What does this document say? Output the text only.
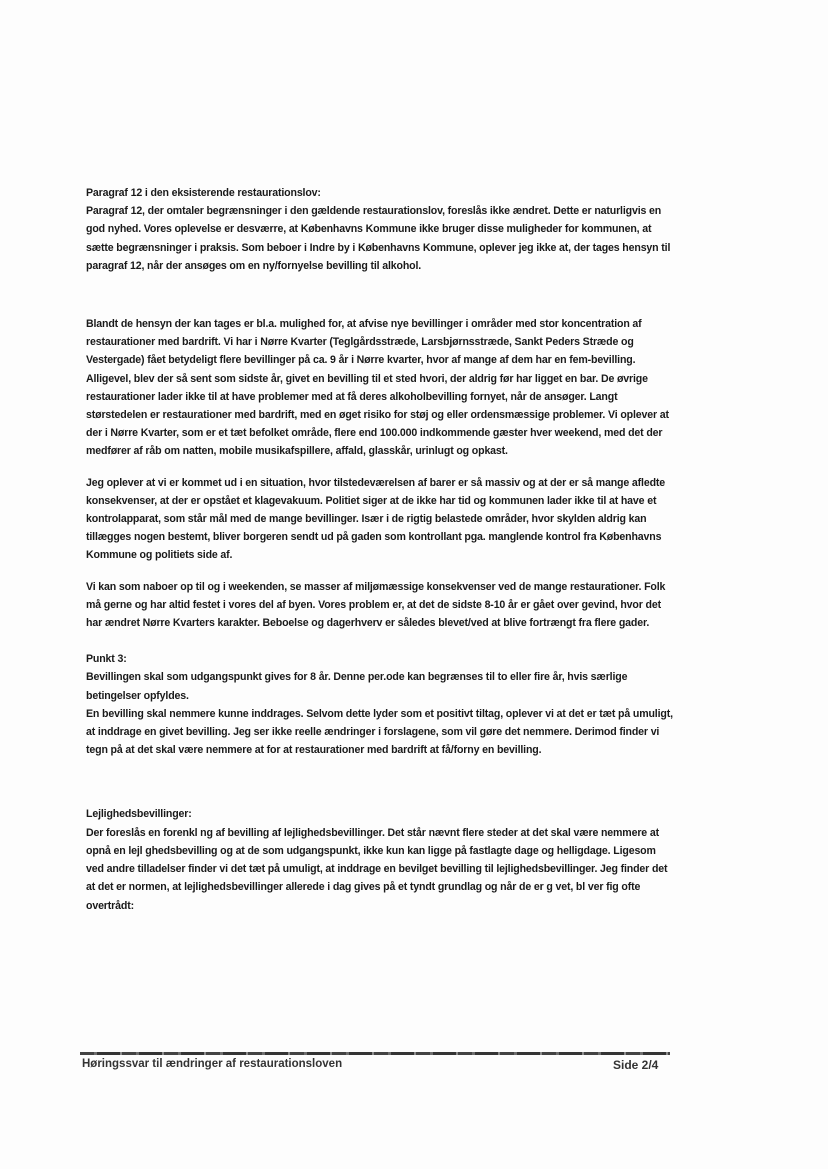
Paragraf 12 i den eksisterende restaurationslov:

Paragraf 12, der omtaler begrænsninger i den gældende restaurationslov, foreslås ikke ændret. Dette er naturligvis en god nyhed. Vores oplevelse er desværre, at Københavns Kommune ikke bruger disse muligheder for kommunen, at sætte begrænsninger i praksis. Som beboer i Indre by i Københavns Kommune, oplever jeg ikke at, der tages hensyn til paragraf 12, når der ansøges om en ny/fornyelse bevilling til alkohol.

Blandt de hensyn der kan tages er bl.a. mulighed for, at afvise nye bevillinger i områder med stor koncentration af restaurationer med bardrift. Vi har i Nørre Kvarter (Teglgårdsstræde, Larsbjørnsstræde, Sankt Peders Stræde og Vestergade) fået betydeligt flere bevillinger på ca. 9 år i Nørre kvarter, hvor af mange af dem har en fem-bevilling. Alligevel, blev der så sent som sidste år, givet en bevilling til et sted hvori, der aldrig før har ligget en bar. De øvrige restaurationer lader ikke til at have problemer med at få deres alkoholbevilling fornyet, når de ansøger. Langt størstedelen er restaurationer med bardrift, med en øget risiko for støj og eller ordensmæssige problemer. Vi oplever at der i Nørre Kvarter, som er et tæt befolket område, flere end 100.000 indkommende gæster hver weekend, med det der medfører af råb om natten, mobile musikafspillere, affald, glasskår, urinlugt og opkast.

Jeg oplever at vi er kommet ud i en situation, hvor tilstedeværelsen af barer er så massiv og at der er så mange afledte konsekvenser, at der er opstået et klagevakuum. Politiet siger at de ikke har tid og kommunen lader ikke til at have et kontrolapparat, som står mål med de mange bevillinger. Især i de rigtig belastede områder, hvor skylden aldrig kan tillægges nogen bestemt, bliver borgeren sendt ud på gaden som kontrollant pga. manglende kontrol fra Københavns Kommune og politiets side af.

Vi kan som naboer op til og i weekenden, se masser af miljømæssige konsekvenser ved de mange restaurationer. Folk må gerne og har altid festet i vores del af byen. Vores problem er, at det de sidste 8-10 år er gået over gevind, hvor det har ændret Nørre Kvarters karakter. Beboelse og dagerhverv er således blevet/ved at blive fortrængt fra flere gader.

Punkt 3:

Bevillingen skal som udgangspunkt gives for 8 år. Denne per.ode kan begrænses til to eller fire år, hvis særlige betingelser opfyldes.

En bevilling skal nemmere kunne inddrages. Selvom dette lyder som et positivt tiltag, oplever vi at det er tæt på umuligt, at inddrage en givet bevilling. Jeg ser ikke reelle ændringer i forslagene, som vil gøre det nemmere. Derimod finder vi tegn på at det skal være nemmere at for at restaurationer med bardrift at få/forny en bevilling.

Lejlighedsbevillinger:

Der foreslås en forenkl ng af bevilling af lejlighedsbevillinger. Det står nævnt flere steder at det skal være nemmere at opnå en lejl ghedsbevilling og at de som udgangspunkt, ikke kun kan ligge på fastlagte dage og helligdage. Ligesom ved andre tilladelser finder vi det tæt på umuligt, at inddrage en bevilget bevilling til lejlighedsbevillinger. Jeg finder det at det er normen, at lejlighedsbevillinger allerede i dag gives på et tyndt grundlag og når de er g vet, bl ver fig ofte overtrådt:

Høringssvar til ændringer af restaurationsloven	Side 2/4
